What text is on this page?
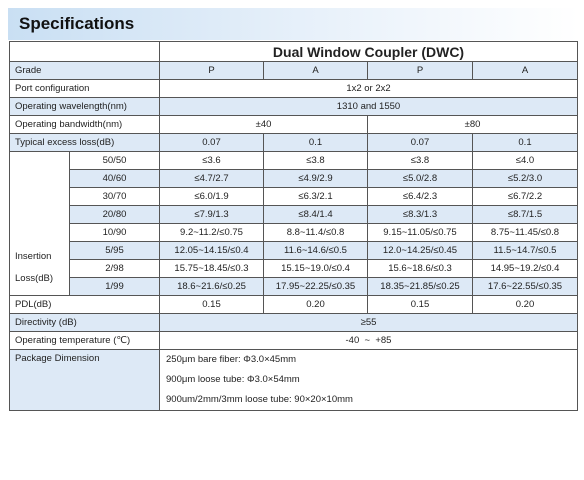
Specifications
		Dual Window Coupler (DWC)			
Grade		P	A	P	A
Port configuration		1x2 or 2x2			
Operating wavelength(nm)		1310 and 1550			
Operating bandwidth(nm)		±40		±80	
Typical excess loss(dB)		0.07	0.1	0.07	0.1

Insertion
Loss(dB)	50/50	≤3.6	≤3.8	≤3.8	≤4.0
	40/60	≤4.7/2.7	≤4.9/2.9	≤5.0/2.8	≤5.2/3.0
	30/70	≤6.0/1.9	≤6.3/2.1	≤6.4/2.3	≤6.7/2.2
	20/80	≤7.9/1.3	≤8.4/1.4	≤8.3/1.3	≤8.7/1.5
	10/90	9.2~11.2/≤0.75	8.8~11.4/≤0.8	9.15~11.05/≤0.75	8.75~11.45/≤0.8
	5/95	12.05~14.15/≤0.4	11.6~14.6/≤0.5	12.0~14.25/≤0.45	11.5~14.7/≤0.5
	2/98	15.75~18.45/≤0.3	15.15~19.0/≤0.4	15.6~18.6/≤0.3	14.95~19.2/≤0.4
	1/99	18.6~21.6/≤0.25	17.95~22.25/≤0.35	18.35~21.85/≤0.25	17.6~22.55/≤0.35
PDL(dB)		0.15	0.20	0.15	0.20
Directivity (dB)		≥55			
Operating temperature (℃)		-40  ~  +85			
Package Dimension		250μm bare fiber: Φ3.0×45mm
900μm loose tube: Φ3.0×54mm
900um/2mm/3mm loose tube: 90×20×10mm			
